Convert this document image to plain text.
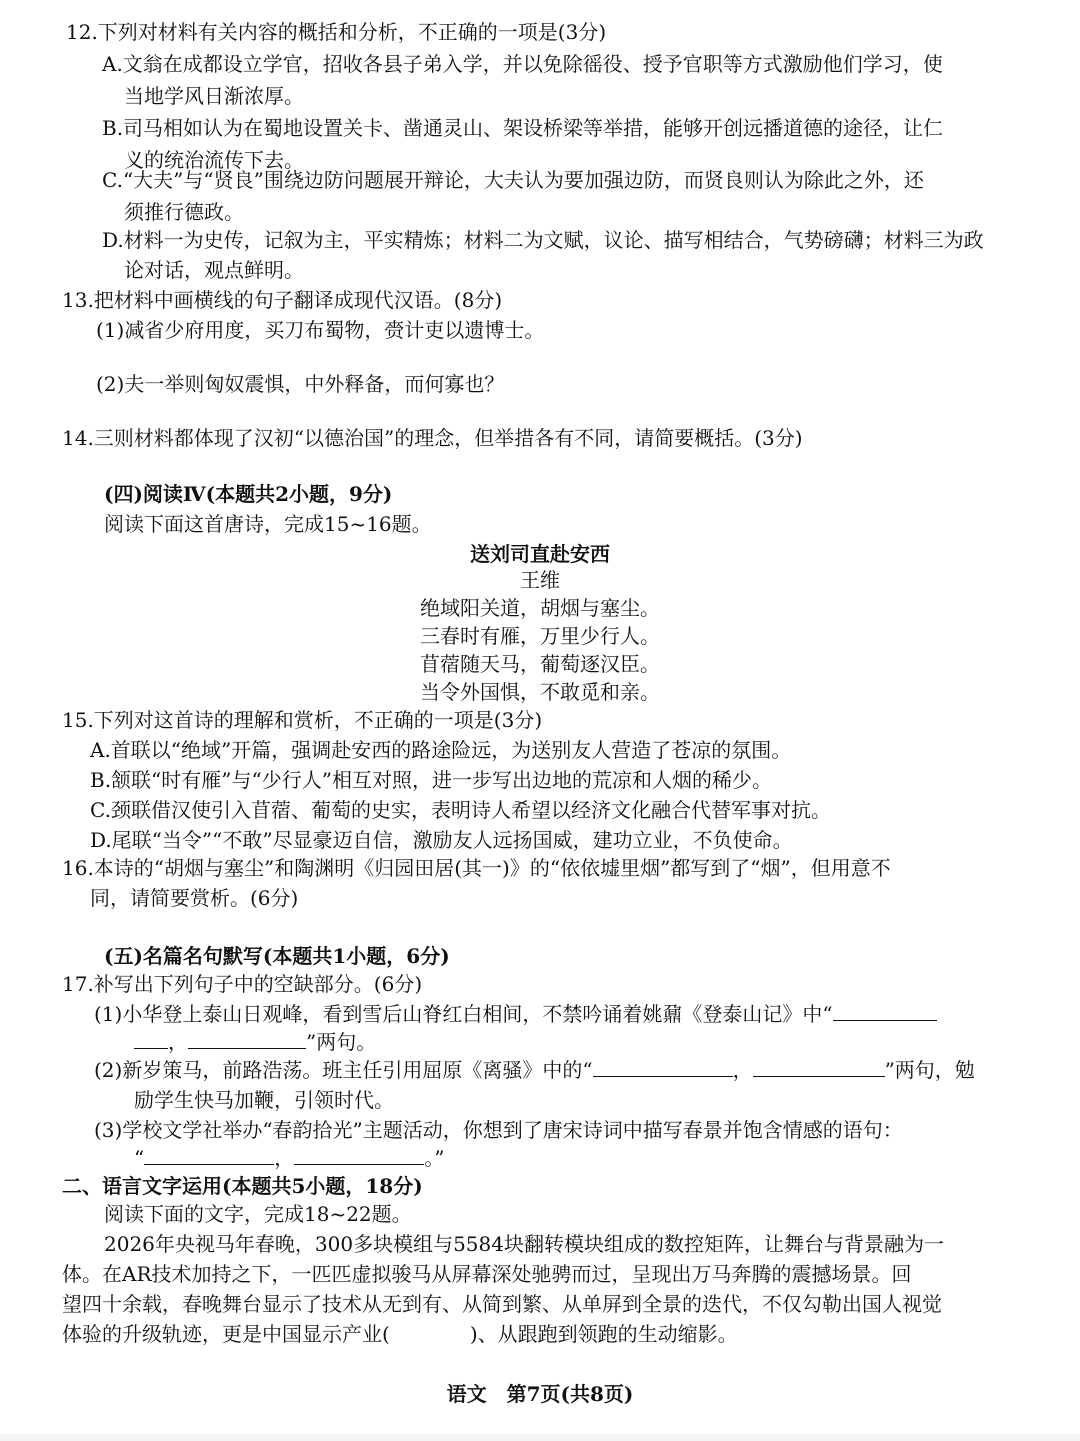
12.下列对材料有关内容的概括和分析，不正确的一项是(3分)
A.文翁在成都设立学官，招收各县子弟入学，并以免除徭役、授予官职等方式激励他们学习，使
当地学风日渐浓厚。
B.司马相如认为在蜀地设置关卡、凿通灵山、架设桥梁等举措，能够开创远播道德的途径，让仁
义的统治流传下去。
C.“大夫”与“贤良”围绕边防问题展开辩论，大夫认为要加强边防，而贤良则认为除此之外，还
须推行德政。
D.材料一为史传，记叙为主，平实精炼；材料二为文赋，议论、描写相结合，气势磅礴；材料三为政
论对话，观点鲜明。
13.把材料中画横线的句子翻译成现代汉语。(8分)
(1)减省少府用度，买刀布蜀物，赍计吏以遗博士。
(2)夫一举则匈奴震惧，中外释备，而何寡也？
14.三则材料都体现了汉初“以德治国”的理念，但举措各有不同，请简要概括。(3分)
(四)阅读Ⅳ(本题共2小题，9分)
阅读下面这首唐诗，完成15~16题。
送刘司直赴安西
王维
绝域阳关道，胡烟与塞尘。
三春时有雁，万里少行人。
苜蓿随天马，葡萄逐汉臣。
当令外国惧，不敢觅和亲。
15.下列对这首诗的理解和赏析，不正确的一项是(3分)
A.首联以“绝域”开篇，强调赴安西的路途险远，为送别友人营造了苍凉的氛围。
B.颔联“时有雁”与“少行人”相互对照，进一步写出边地的荒凉和人烟的稀少。
C.颈联借汉使引入苜蓿、葡萄的史实，表明诗人希望以经济文化融合代替军事对抗。
D.尾联“当令”“不敢”尽显豪迈自信，激励友人远扬国威，建功立业，不负使命。
16.本诗的“胡烟与塞尘”和陶渊明《归园田居(其一)》的“依依墟里烟”都写到了“烟”，但用意不
同，请简要赏析。(6分)
(五)名篇名句默写(本题共1小题，6分)
17.补写出下列句子中的空缺部分。(6分)
(1)小华登上泰山日观峰，看到雪后山脊红白相间，不禁吟诵着姚鼐《登泰山记》中“
，	”两句。
(2)新岁策马，前路浩荡。班主任引用屈原《离骚》中的“	，	”两句，勉
励学生快马加鞭，引领时代。
(3)学校文学社举办“春韵拾光”主题活动，你想到了唐宋诗词中描写春景并饱含情感的语句：
“	，	。”
二、语言文字运用(本题共5小题，18分)
阅读下面的文字，完成18~22题。
2026年央视马年春晚，300多块模组与5584块翻转模块组成的数控矩阵，让舞台与背景融为一
体。在AR技术加持之下，一匹匹虚拟骏马从屏幕深处驰骋而过，呈现出万马奔腾的震撼场景。回
望四十余载，春晚舞台显示了技术从无到有、从简到繁、从单屏到全景的迭代，不仅勾勒出国人视觉
体验的升级轨迹，更是中国显示产业(	)、从跟跑到领跑的生动缩影。
语文　第7页(共8页)
